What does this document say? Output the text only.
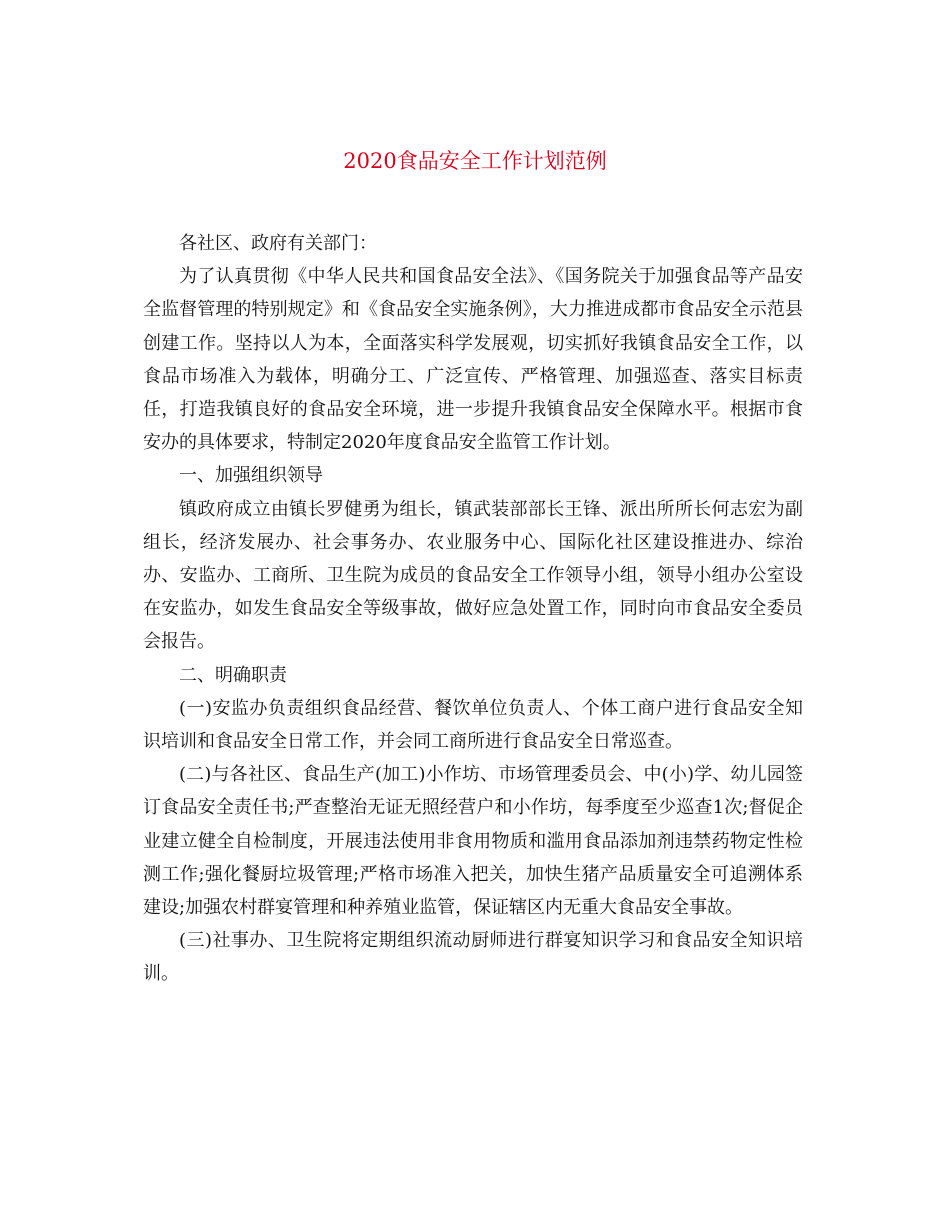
2020食品安全工作计划范例

各社区、政府有关部门：

为了认真贯彻《中华人民共和国食品安全法》、《国务院关于加强食品等产品安全监督管理的特别规定》和《食品安全实施条例》，大力推进成都市食品安全示范县创建工作。坚持以人为本，全面落实科学发展观，切实抓好我镇食品安全工作，以食品市场准入为载体，明确分工、广泛宣传、严格管理、加强巡查、落实目标责任，打造我镇良好的食品安全环境，进一步提升我镇食品安全保障水平。根据市食安办的具体要求，特制定2020年度食品安全监管工作计划。

一、加强组织领导

镇政府成立由镇长罗健勇为组长，镇武装部部长王锋、派出所所长何志宏为副组长，经济发展办、社会事务办、农业服务中心、国际化社区建设推进办、综治办、安监办、工商所、卫生院为成员的食品安全工作领导小组，领导小组办公室设在安监办，如发生食品安全等级事故，做好应急处置工作，同时向市食品安全委员会报告。

二、明确职责

(一)安监办负责组织食品经营、餐饮单位负责人、个体工商户进行食品安全知识培训和食品安全日常工作，并会同工商所进行食品安全日常巡查。

(二)与各社区、食品生产(加工)小作坊、市场管理委员会、中(小)学、幼儿园签订食品安全责任书;严查整治无证无照经营户和小作坊，每季度至少巡查1次;督促企业建立健全自检制度，开展违法使用非食用物质和滥用食品添加剂违禁药物定性检测工作;强化餐厨垃圾管理;严格市场准入把关，加快生猪产品质量安全可追溯体系建设;加强农村群宴管理和种养殖业监管，保证辖区内无重大食品安全事故。

(三)社事办、卫生院将定期组织流动厨师进行群宴知识学习和食品安全知识培训。
